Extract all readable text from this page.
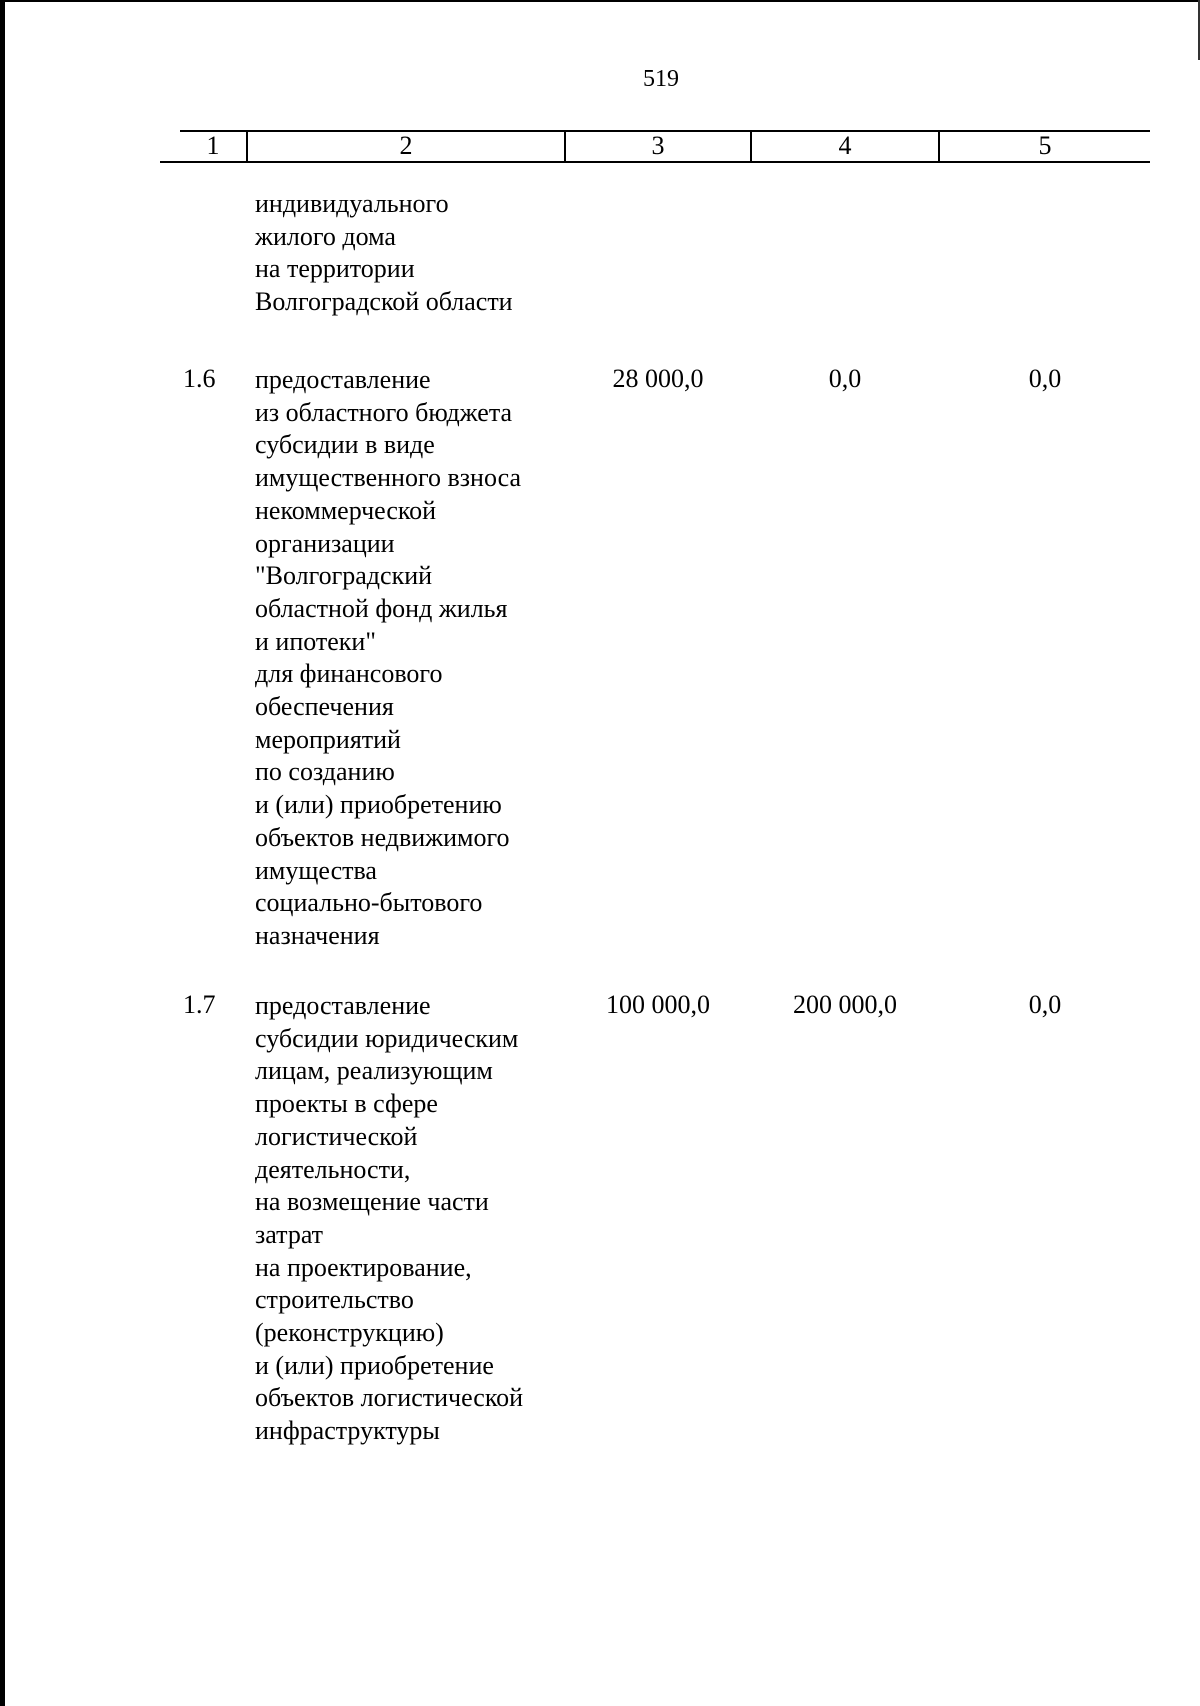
519
1	2	3	4	5
индивидуального
жилого дома
на территории
Волгоградской области
1.6 предоставление
из областного бюджета
субсидии в виде
имущественного взноса
некоммерческой
организации
"Волгоградский
областной фонд жилья
и ипотеки"
для финансового
обеспечения
мероприятий
по созданию
и (или) приобретению
объектов недвижимого
имущества
социально-бытового
назначения
28 000,0	0,0	0,0
1.7 предоставление
субсидии юридическим
лицам, реализующим
проекты в сфере
логистической
деятельности,
на возмещение части
затрат
на проектирование,
строительство
(реконструкцию)
и (или) приобретение
объектов логистической
инфраструктуры
100 000,0	200 000,0	0,0
